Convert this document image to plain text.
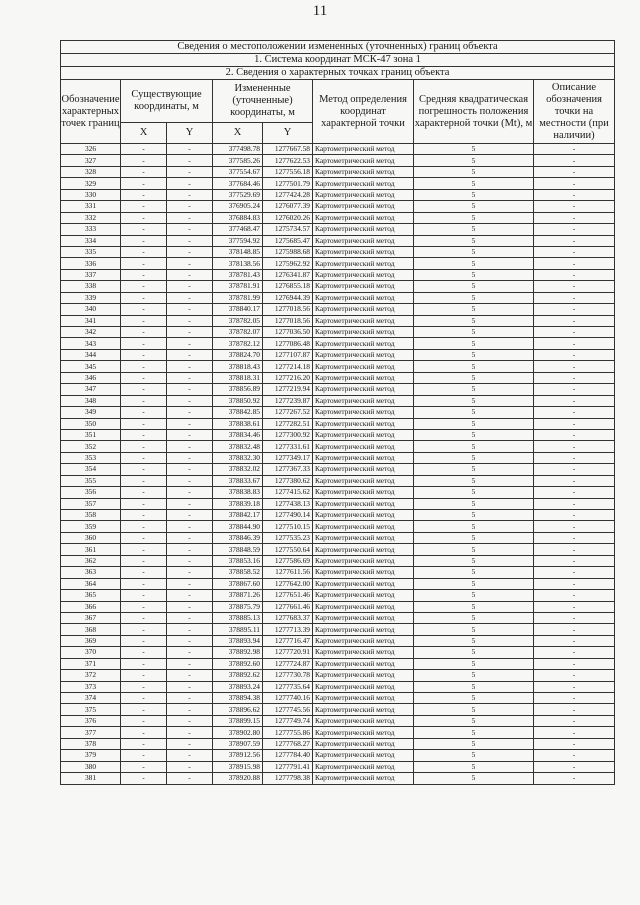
11
Сведения о местоположении измененных (уточненных) границ объекта							
1. Система координат МСК-47 зона 1							
2. Сведения о характерных точках границ объекта							
Обозначение характерных точек границ	Существующие координаты, м		Измененные (уточненные) координаты, м		Метод определения координат характерной точки	Средняя квадратическая погрешность положения характерной точки (Mt), м	Описание обозначения точки на местности (при наличии)
	X	Y	X	Y			
326	-	-	377498.78	1277667.58	Картометрический метод	5	-
327	-	-	377585.26	1277622.53	Картометрический метод	5	-
328	-	-	377554.67	1277556.18	Картометрический метод	5	-
329	-	-	377684.46	1277501.79	Картометрический метод	5	-
330	-	-	377529.69	1277424.28	Картометрический метод	5	-
331	-	-	376905.24	1276077.39	Картометрический метод	5	-
332	-	-	376884.83	1276020.26	Картометрический метод	5	-
333	-	-	377468.47	1275734.57	Картометрический метод	5	-
334	-	-	377594.92	1275685.47	Картометрический метод	5	-
335	-	-	378148.85	1275988.68	Картометрический метод	5	-
336	-	-	378138.56	1275962.92	Картометрический метод	5	-
337	-	-	378781.43	1276341.87	Картометрический метод	5	-
338	-	-	378781.91	1276855.18	Картометрический метод	5	-
339	-	-	378781.99	1276944.39	Картометрический метод	5	-
340	-	-	378840.17	1277018.56	Картометрический метод	5	-
341	-	-	378782.05	1277018.56	Картометрический метод	5	-
342	-	-	378782.07	1277036.50	Картометрический метод	5	-
343	-	-	378782.12	1277086.48	Картометрический метод	5	-
344	-	-	378824.70	1277107.87	Картометрический метод	5	-
345	-	-	378818.43	1277214.18	Картометрический метод	5	-
346	-	-	378818.31	1277216.20	Картометрический метод	5	-
347	-	-	378856.89	1277219.94	Картометрический метод	5	-
348	-	-	378850.92	1277239.87	Картометрический метод	5	-
349	-	-	378842.85	1277267.52	Картометрический метод	5	-
350	-	-	378838.61	1277282.51	Картометрический метод	5	-
351	-	-	378834.46	1277300.92	Картометрический метод	5	-
352	-	-	378832.48	1277331.61	Картометрический метод	5	-
353	-	-	378832.30	1277349.17	Картометрический метод	5	-
354	-	-	378832.02	1277367.33	Картометрический метод	5	-
355	-	-	378833.67	1277380.62	Картометрический метод	5	-
356	-	-	378838.83	1277415.62	Картометрический метод	5	-
357	-	-	378839.18	1277438.13	Картометрический метод	5	-
358	-	-	378842.17	1277490.14	Картометрический метод	5	-
359	-	-	378844.90	1277510.15	Картометрический метод	5	-
360	-	-	378846.39	1277535.23	Картометрический метод	5	-
361	-	-	378848.59	1277550.64	Картометрический метод	5	-
362	-	-	378853.16	1277586.69	Картометрический метод	5	-
363	-	-	378858.52	1277611.56	Картометрический метод	5	-
364	-	-	378867.60	1277642.00	Картометрический метод	5	-
365	-	-	378871.26	1277651.46	Картометрический метод	5	-
366	-	-	378875.79	1277661.46	Картометрический метод	5	-
367	-	-	378885.13	1277683.37	Картометрический метод	5	-
368	-	-	378895.11	1277713.39	Картометрический метод	5	-
369	-	-	378893.94	1277716.47	Картометрический метод	5	-
370	-	-	378892.98	1277720.91	Картометрический метод	5	-
371	-	-	378892.60	1277724.87	Картометрический метод	5	-
372	-	-	378892.62	1277730.78	Картометрический метод	5	-
373	-	-	378893.24	1277735.64	Картометрический метод	5	-
374	-	-	378894.38	1277740.16	Картометрический метод	5	-
375	-	-	378896.62	1277745.56	Картометрический метод	5	-
376	-	-	378899.15	1277749.74	Картометрический метод	5	-
377	-	-	378902.80	1277755.86	Картометрический метод	5	-
378	-	-	378907.59	1277768.27	Картометрический метод	5	-
379	-	-	378912.56	1277784.40	Картометрический метод	5	-
380	-	-	378915.98	1277791.41	Картометрический метод	5	-
381	-	-	378920.88	1277798.38	Картометрический метод	5	-
